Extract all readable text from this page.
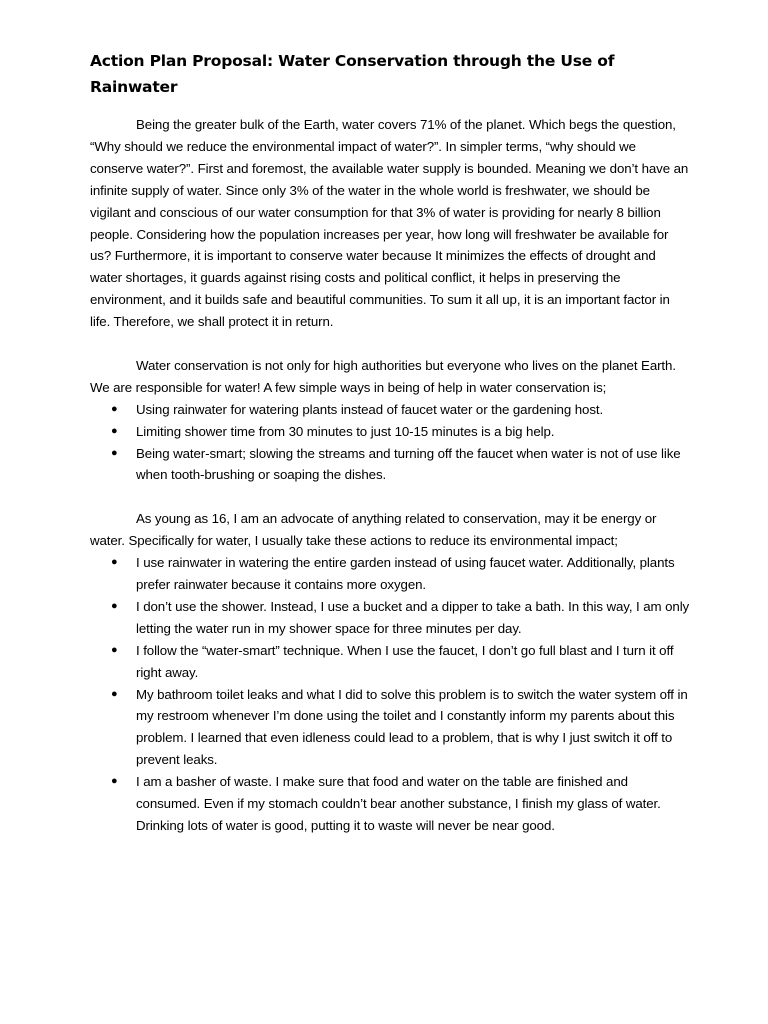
Action Plan Proposal: Water Conservation through the Use of Rainwater

Being the greater bulk of the Earth, water covers 71% of the planet. Which begs the question, “Why should we reduce the environmental impact of water?”. In simpler terms, “why should we conserve water?”. First and foremost, the available water supply is bounded. Meaning we don’t have an infinite supply of water. Since only 3% of the water in the whole world is freshwater, we should be vigilant and conscious of our water consumption for that 3% of water is providing for nearly 8 billion people. Considering how the population increases per year, how long will freshwater be available for us? Furthermore, it is important to conserve water because It minimizes the effects of drought and water shortages, it guards against rising costs and political conflict, it helps in preserving the environment, and it builds safe and beautiful communities. To sum it all up, it is an important factor in life. Therefore, we shall protect it in return.

Water conservation is not only for high authorities but everyone who lives on the planet Earth. We are responsible for water! A few simple ways in being of help in water conservation is;

● Using rainwater for watering plants instead of faucet water or the gardening host.
● Limiting shower time from 30 minutes to just 10-15 minutes is a big help.
● Being water-smart; slowing the streams and turning off the faucet when water is not of use like when tooth-brushing or soaping the dishes.

As young as 16, I am an advocate of anything related to conservation, may it be energy or water. Specifically for water, I usually take these actions to reduce its environmental impact;

● I use rainwater in watering the entire garden instead of using faucet water. Additionally, plants prefer rainwater because it contains more oxygen.
● I don’t use the shower. Instead, I use a bucket and a dipper to take a bath. In this way, I am only letting the water run in my shower space for three minutes per day.
● I follow the “water-smart” technique. When I use the faucet, I don’t go full blast and I turn it off right away.
● My bathroom toilet leaks and what I did to solve this problem is to switch the water system off in my restroom whenever I’m done using the toilet and I constantly inform my parents about this problem. I learned that even idleness could lead to a problem, that is why I just switch it off to prevent leaks.
● I am a basher of waste. I make sure that food and water on the table are finished and consumed. Even if my stomach couldn’t bear another substance, I finish my glass of water. Drinking lots of water is good, putting it to waste will never be near good.
